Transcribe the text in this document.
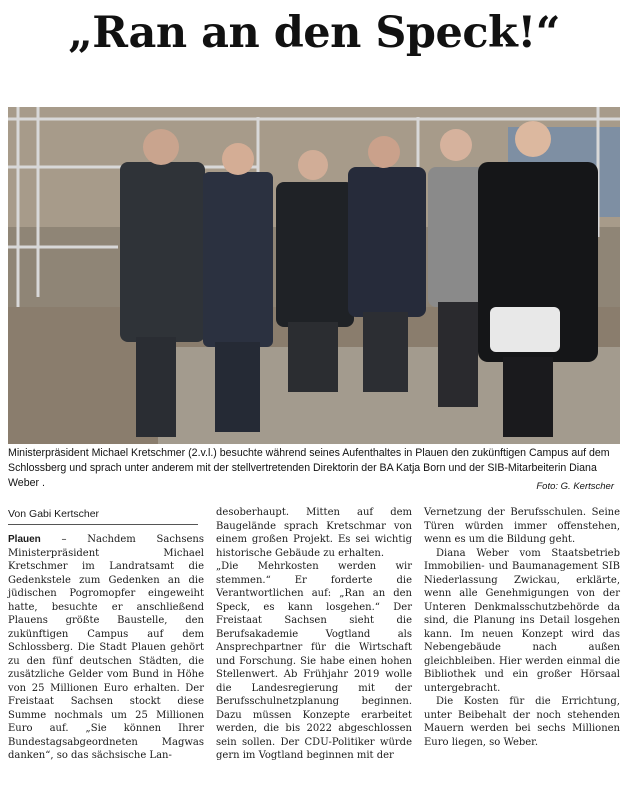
„Ran an den Speck!“
Ministerpräsident Michael Kretschmer (2.v.l.) besuchte während seines Aufenthaltes in Plauen den zukünftigen Campus auf dem Schlossberg und sprach unter anderem mit der stellvertretenden Direktorin der BA Katja Born und der SIB-Mitarbeiterin Diana Weber .	Foto: G. Kertscher
Von Gabi Kertscher

Plauen – Nachdem Sachsens Ministerpräsident Michael Kretschmer im Landratsamt die Gedenkstele zum Gedenken an die jüdischen Pogromopfer eingeweiht hatte, besuchte er anschließend Plauens größte Baustelle, den zukünftigen Campus auf dem Schlossberg. Die Stadt Plauen gehört zu den fünf deutschen Städten, die zusätzliche Gelder vom Bund in Höhe von 25 Millionen Euro erhalten. Der Freistaat Sachsen stockt diese Summe nochmals um 25 Millionen Euro auf. „Sie können Ihrer Bundestagsabgeordneten Magwas danken“, so das sächsische Lan-

desoberhaupt. Mitten auf dem Baugelände sprach Kretschmar von einem großen Projekt. Es sei wichtig historische Gebäude zu erhalten.

„Die Mehrkosten werden wir stemmen.“ Er forderte die Verantwortlichen auf: „Ran an den Speck, es kann losgehen.“ Der Freistaat Sachsen sieht die Berufsakademie Vogtland als Ansprechpartner für die Wirtschaft und Forschung. Sie habe einen hohen Stellenwert. Ab Frühjahr 2019 wolle die Landesregierung mit der Berufsschulnetzplanung beginnen. Dazu müssen Konzepte erarbeitet werden, die bis 2022 abgeschlossen sein sollen. Der CDU-Politiker würde gern im Vogtland beginnen mit der

Vernetzung der Berufsschulen. Seine Türen würden immer offenstehen, wenn es um die Bildung geht.

Diana Weber vom Staatsbetrieb Immobilien- und Baumanagement SIB Niederlassung Zwickau, erklärte, wenn alle Genehmigungen von der Unteren Denkmalsschutzbehörde da sind, die Planung ins Detail losgehen kann. Im neuen Konzept wird das Nebengebäude nach außen gleichbleiben. Hier werden einmal die Bibliothek und ein großer Hörsaal untergebracht.

Die Kosten für die Errichtung, unter Beibehalt der noch stehenden Mauern werden bei sechs Millionen Euro liegen, so Weber.
